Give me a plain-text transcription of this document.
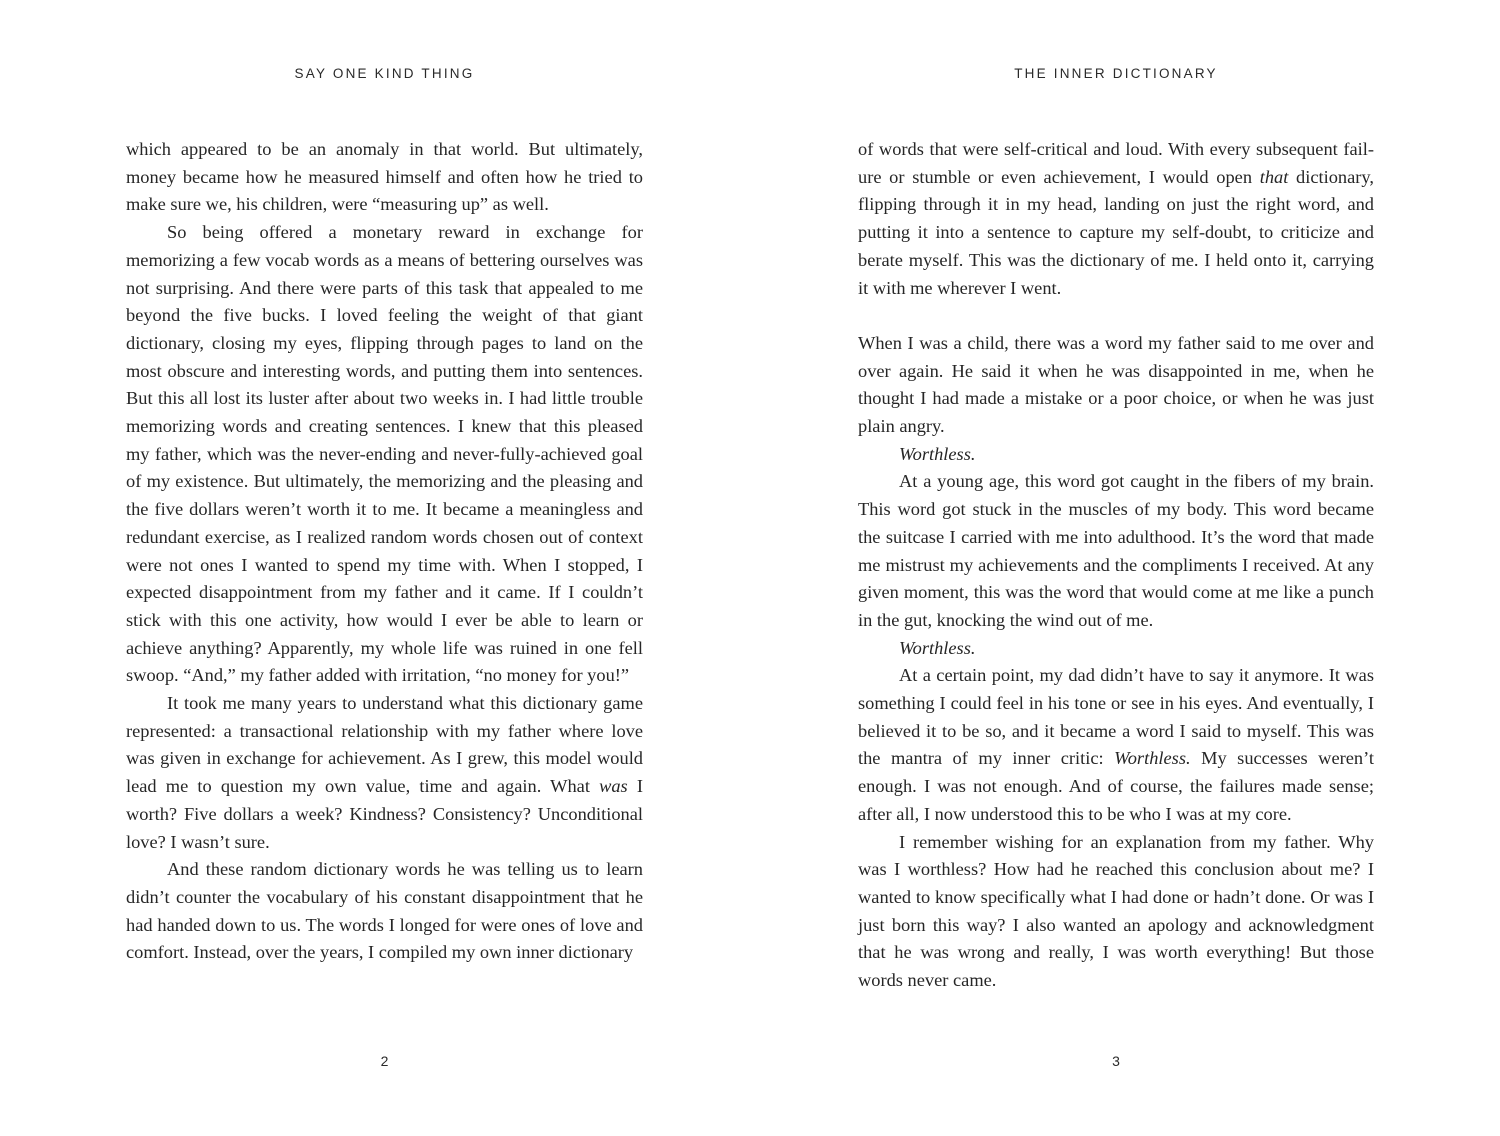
SAY ONE KIND THING

which appeared to be an anomaly in that world. But ultimately, money became how he measured himself and often how he tried to make sure we, his children, were “measuring up” as well.

So being offered a monetary reward in exchange for memorizing a few vocab words as a means of bettering ourselves was not surprising. And there were parts of this task that appealed to me beyond the five bucks. I loved feeling the weight of that giant dictionary, closing my eyes, flipping through pages to land on the most obscure and interesting words, and putting them into sentences. But this all lost its luster after about two weeks in. I had little trouble memorizing words and creating sentences. I knew that this pleased my father, which was the never-ending and never-fully-achieved goal of my existence. But ultimately, the memorizing and the pleasing and the five dollars weren’t worth it to me. It became a meaningless and redundant exercise, as I realized random words chosen out of context were not ones I wanted to spend my time with. When I stopped, I expected disappointment from my father and it came. If I couldn’t stick with this one activity, how would I ever be able to learn or achieve anything? Apparently, my whole life was ruined in one fell swoop. “And,” my father added with irritation, “no money for you!”

It took me many years to understand what this dictionary game represented: a transactional relationship with my father where love was given in exchange for achievement. As I grew, this model would lead me to question my own value, time and again. What was I worth? Five dollars a week? Kindness? Consistency? Unconditional love? I wasn’t sure.

And these random dictionary words he was telling us to learn didn’t counter the vocabulary of his constant disappointment that he had handed down to us. The words I longed for were ones of love and comfort. Instead, over the years, I compiled my own inner dictionary

2
THE INNER DICTIONARY

of words that were self-critical and loud. With every subsequent failure or stumble or even achievement, I would open that dictionary, flipping through it in my head, landing on just the right word, and putting it into a sentence to capture my self-doubt, to criticize and berate myself. This was the dictionary of me. I held onto it, carrying it with me wherever I went.

When I was a child, there was a word my father said to me over and over again. He said it when he was disappointed in me, when he thought I had made a mistake or a poor choice, or when he was just plain angry.

Worthless.

At a young age, this word got caught in the fibers of my brain. This word got stuck in the muscles of my body. This word became the suitcase I carried with me into adulthood. It’s the word that made me mistrust my achievements and the compliments I received. At any given moment, this was the word that would come at me like a punch in the gut, knocking the wind out of me.

Worthless.

At a certain point, my dad didn’t have to say it anymore. It was something I could feel in his tone or see in his eyes. And eventually, I believed it to be so, and it became a word I said to myself. This was the mantra of my inner critic: Worthless. My successes weren’t enough. I was not enough. And of course, the failures made sense; after all, I now understood this to be who I was at my core.

I remember wishing for an explanation from my father. Why was I worthless? How had he reached this conclusion about me? I wanted to know specifically what I had done or hadn’t done. Or was I just born this way? I also wanted an apology and acknowledgment that he was wrong and really, I was worth everything! But those words never came.

3
